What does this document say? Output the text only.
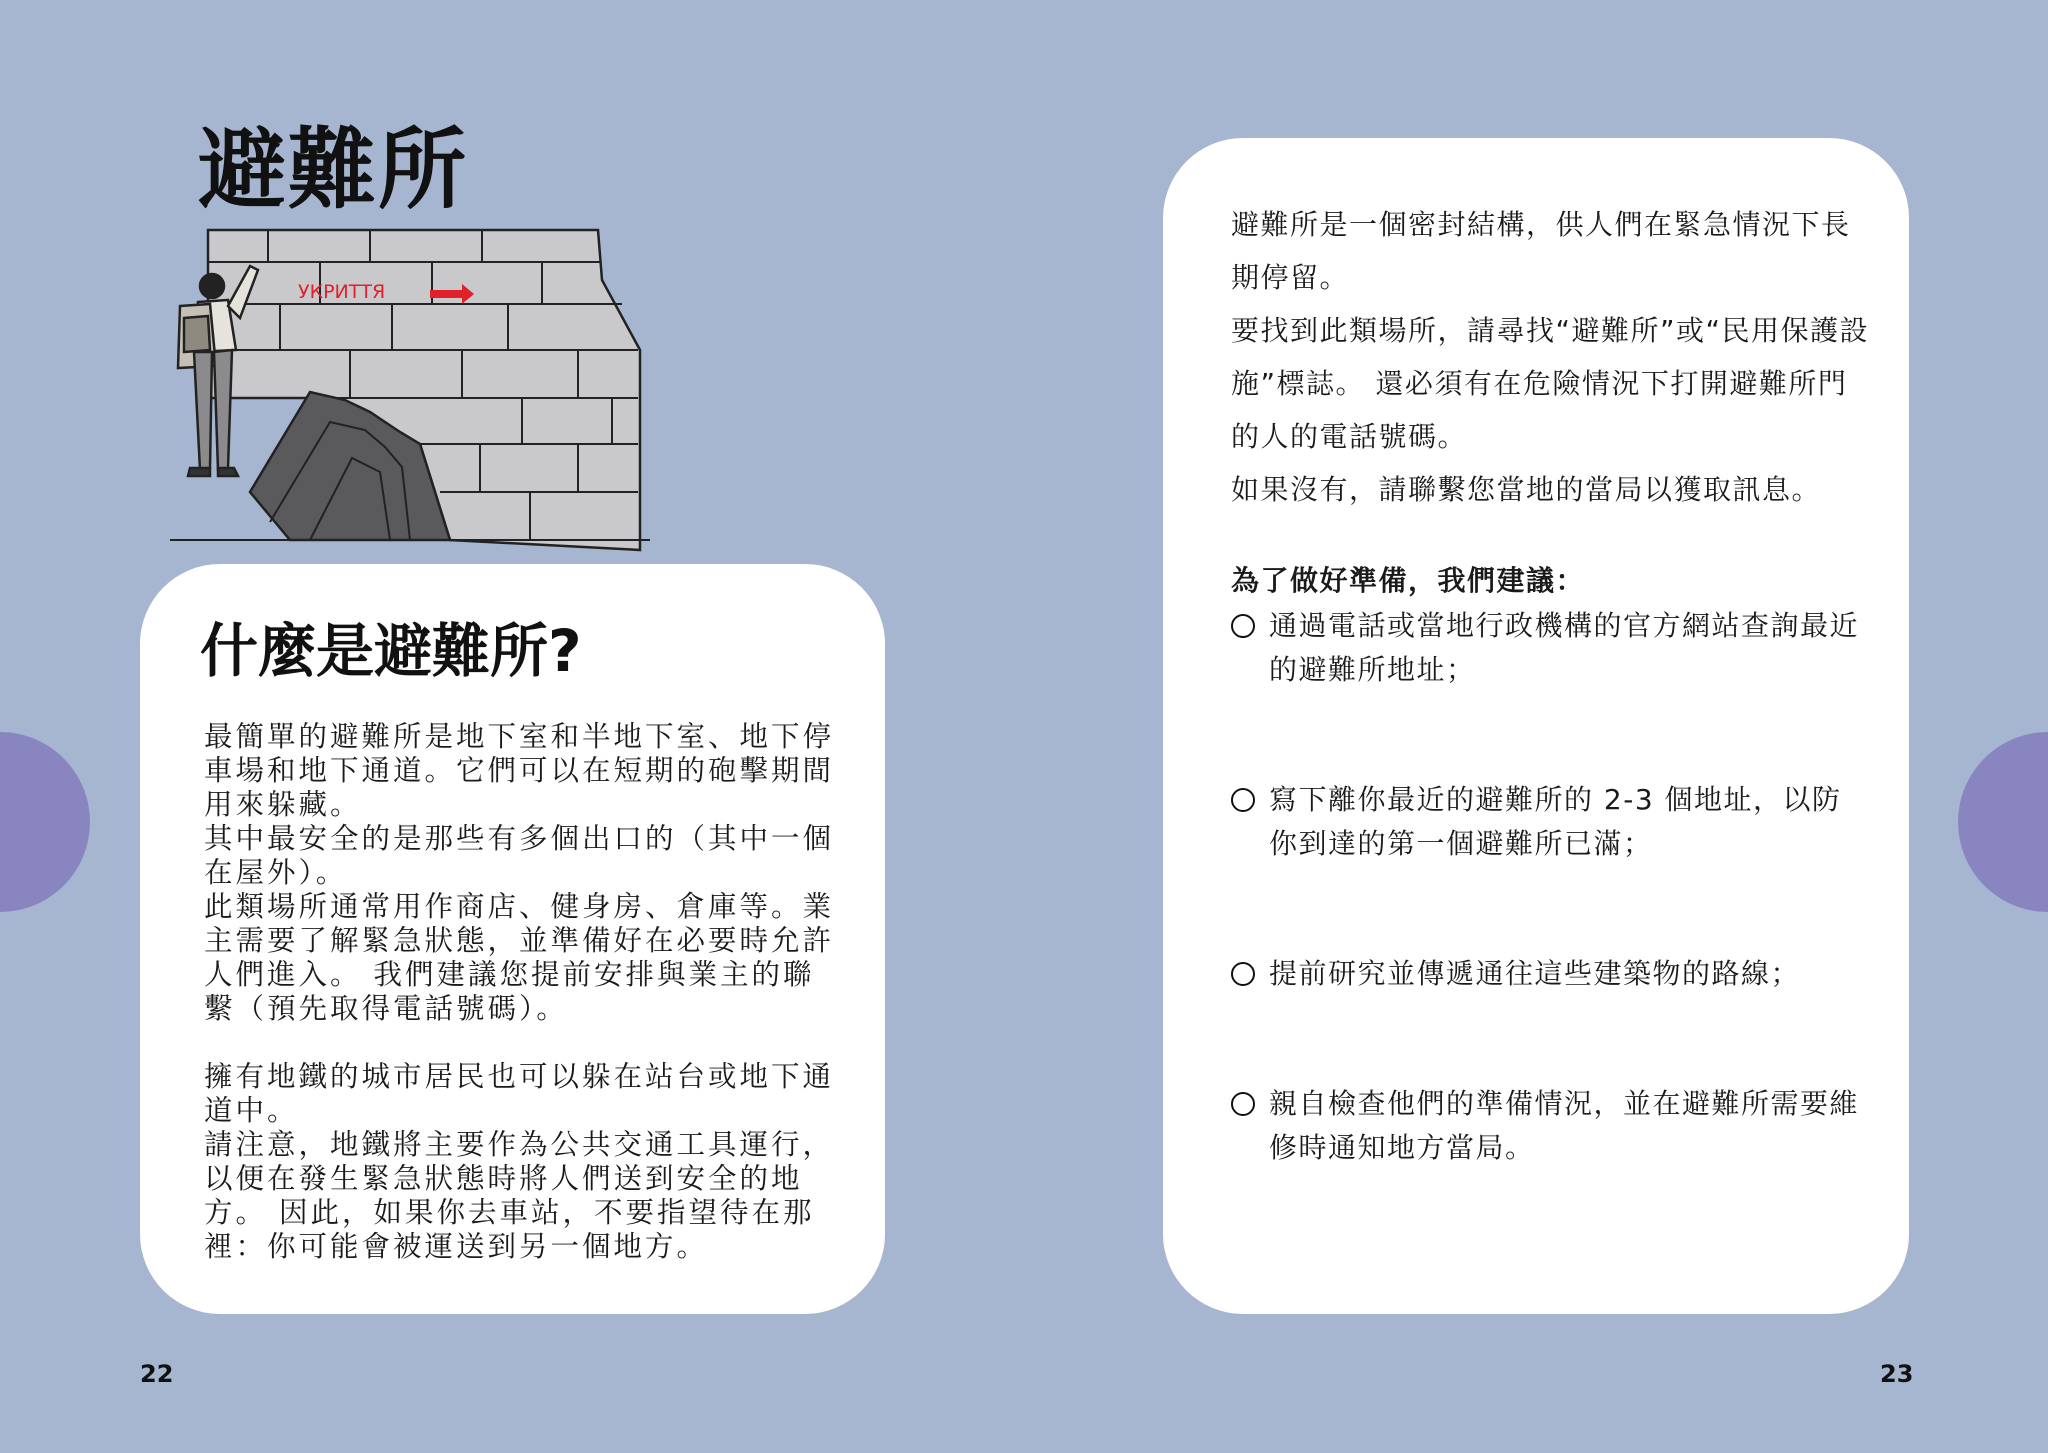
避難所
УКРИТТЯ
什麼是避難所?

最簡單的避難所是地下室和半地下室、地下停車場和地下通道。它們可以在短期的砲擊期間用來躲藏。

其中最安全的是那些有多個出口的（其中一個在屋外）。

此類場所通常用作商店、健身房、倉庫等。業主需要了解緊急狀態，並準備好在必要時允許人們進入。 我們建議您提前安排與業主的聯繫（預先取得電話號碼）。

擁有地鐵的城市居民也可以躲在站台或地下通道中。

請注意，地鐵將主要作為公共交通工具運行，以便在發生緊急狀態時將人們送到安全的地方。 因此，如果你去車站，不要指望待在那裡：你可能會被運送到另一個地方。

22

避難所是一個密封結構，供人們在緊急情況下長期停留。

要找到此類場所，請尋找“避難所”或“民用保護設施”標誌。 還必須有在危險情況下打開避難所門的人的電話號碼。

如果沒有，請聯繫您當地的當局以獲取訊息。

為了做好準備，我們建議：

通過電話或當地行政機構的官方網站查詢最近的避難所地址；
寫下離你最近的避難所的 2-3 個地址，以防你到達的第一個避難所已滿；
提前研究並傳遞通往這些建築物的路線；
親自檢查他們的準備情況，並在避難所需要維修時通知地方當局。
23
